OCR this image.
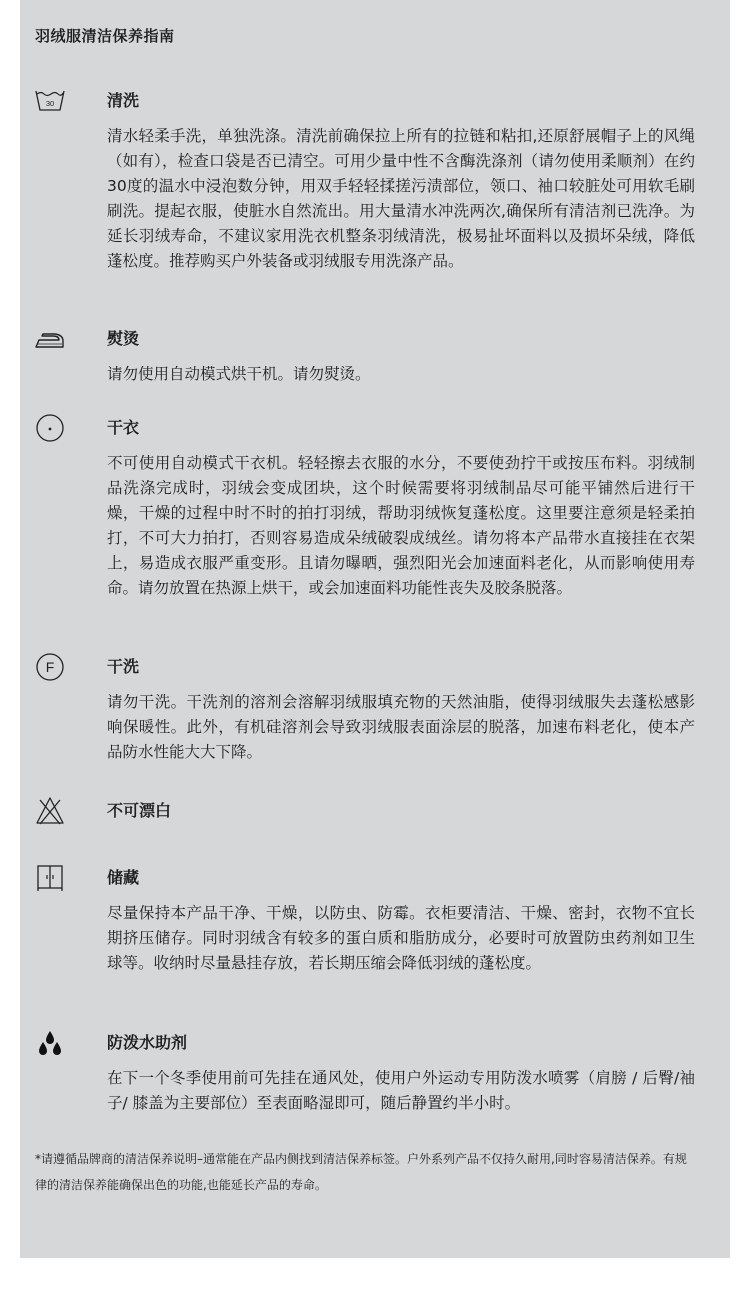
羽绒服清洁保养指南
30	清洗
清水轻柔手洗，单独洗涤。清洗前确保拉上所有的拉链和粘扣,还原舒展帽子上的风绳（如有），检查口袋是否已清空。可用少量中性不含酶洗涤剂（请勿使用柔顺剂）在约30度的温水中浸泡数分钟，用双手轻轻揉搓污渍部位，领口、袖口较脏处可用软毛刷刷洗。提起衣服，使脏水自然流出。用大量清水冲洗两次,确保所有清洁剂已洗净。为延长羽绒寿命，不建议家用洗衣机整条羽绒清洗，极易扯坏面料以及损坏朵绒，降低蓬松度。推荐购买户外装备或羽绒服专用洗涤产品。
熨烫
请勿使用自动模式烘干机。请勿熨烫。
干衣
不可使用自动模式干衣机。轻轻擦去衣服的水分，不要使劲拧干或按压布料。羽绒制品洗涤完成时，羽绒会变成团块，这个时候需要将羽绒制品尽可能平铺然后进行干燥，干燥的过程中时不时的拍打羽绒，帮助羽绒恢复蓬松度。这里要注意须是轻柔拍打，不可大力拍打，否则容易造成朵绒破裂成绒丝。请勿将本产品带水直接挂在衣架上，易造成衣服严重变形。且请勿曝晒，强烈阳光会加速面料老化，从而影响使用寿命。请勿放置在热源上烘干，或会加速面料功能性丧失及胶条脱落。
F	干洗
请勿干洗。干洗剂的溶剂会溶解羽绒服填充物的天然油脂，使得羽绒服失去蓬松感影响保暖性。此外，有机硅溶剂会导致羽绒服表面涂层的脱落，加速布料老化，使本产品防水性能大大下降。
不可漂白
储藏
尽量保持本产品干净、干燥，以防虫、防霉。衣柜要清洁、干燥、密封，衣物不宜长期挤压储存。同时羽绒含有较多的蛋白质和脂肪成分，必要时可放置防虫药剂如卫生球等。收纳时尽量悬挂存放，若长期压缩会降低羽绒的蓬松度。
防泼水助剂
在下一个冬季使用前可先挂在通风处，使用户外运动专用防泼水喷雾（肩膀 / 后臀/袖子/ 膝盖为主要部位）至表面略湿即可，随后静置约半小时。
*请遵循品牌商的清洁保养说明–通常能在产品内侧找到清洁保养标签。户外系列产品不仅持久耐用,同时容易清洁保养。有规律的清洁保养能确保出色的功能,也能延长产品的寿命。
